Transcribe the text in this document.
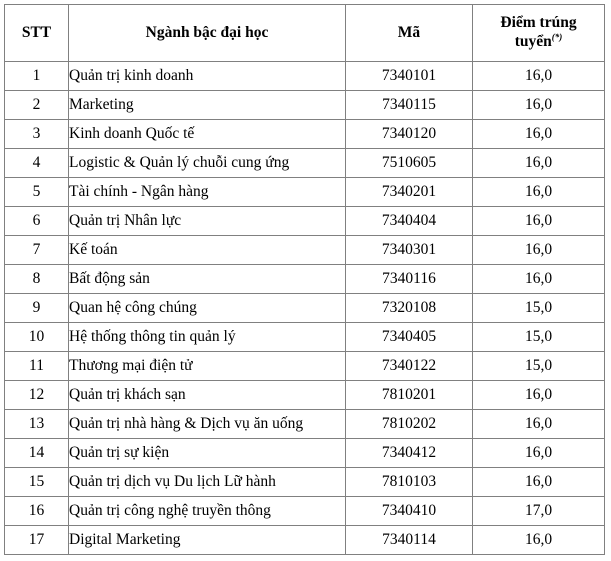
STT	Ngành bậc đại học	Mã	Điểm trúng tuyển(*)
1	Quản trị kinh doanh	7340101	16,0
2	Marketing	7340115	16,0
3	Kinh doanh Quốc tế	7340120	16,0
4	Logistic & Quản lý chuỗi cung ứng	7510605	16,0
5	Tài chính - Ngân hàng	7340201	16,0
6	Quản trị Nhân lực	7340404	16,0
7	Kế toán	7340301	16,0
8	Bất động sản	7340116	16,0
9	Quan hệ công chúng	7320108	15,0
10	Hệ thống thông tin quản lý	7340405	15,0
11	Thương mại điện tử	7340122	15,0
12	Quản trị khách sạn	7810201	16,0
13	Quản trị nhà hàng & Dịch vụ ăn uống	7810202	16,0
14	Quản trị sự kiện	7340412	16,0
15	Quản trị dịch vụ Du lịch Lữ hành	7810103	16,0
16	Quản trị công nghệ truyền thông	7340410	17,0
17	Digital Marketing	7340114	16,0
